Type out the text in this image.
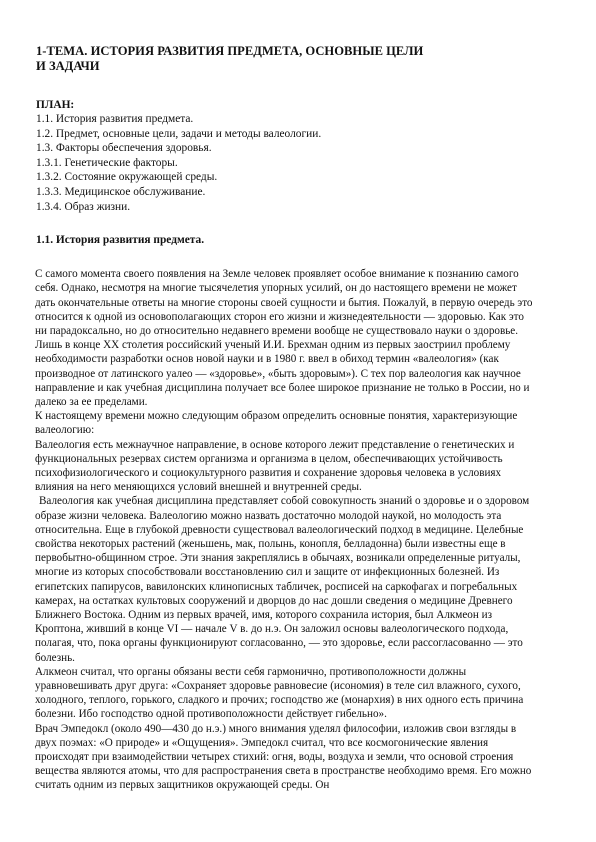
1-ТЕМА. ИСТОРИЯ РАЗВИТИЯ ПРЕДМЕТА, ОСНОВНЫЕ ЦЕЛИ
И ЗАДАЧИ
ПЛАН:
1.1. История развития предмета.
1.2. Предмет, основные цели, задачи и методы валеологии.
1.3. Факторы обеспечения здоровья.
1.3.1. Генетические факторы.
1.3.2. Состояние окружающей среды.
1.3.3. Медицинское обслуживание.
1.3.4. Образ жизни.
1.1. История развития предмета.

С самого момента своего появления на Земле человек проявляет особое внимание к познанию самого себя. Однако, несмотря на многие тысячелетия упорных усилий, он до настоящего времени не может дать окончательные ответы на многие стороны своей сущности и бытия. Пожалуй, в первую очередь это относится к одной из основополагающих сторон его жизни и жизнедеятельности — здоровью. Как это ни парадоксально, но до относительно недавнего времени вообще не существовало науки о здоровье. Лишь в конце XX столетия российский ученый И.И. Брехман одним из первых заостриил проблему необходимости разработки основ новой науки и в 1980 г. ввел в обиход термин «валеология» (как производное от латинского уалео — «здоровье», «быть здоровым»). С тех пор валеология как научное направление и как учебная дисциплина получает все более широкое признание не только в России, но и далеко за ее пределами.

К настоящему времени можно следующим образом определить основные понятия, характеризующие валеологию:

Валеология есть межнаучное направление, в основе которого лежит представление о генетических и функциональных резервах систем организма и организма в целом, обеспечивающих устойчивость психофизиологического и социокультурного развития и сохранение здоровья человека в условиях влияния на него меняющихся условий внешней и внутренней среды.

Валеология как учебная дисциплина представляет собой совокупность знаний о здоровье и о здоровом образе жизни человека. Валеологию можно назвать достаточно молодой наукой, но молодость эта относительна. Еще в глубокой древности существовал валеологический подход в медицине. Целебные свойства некоторых растений (женьшень, мак, полынь, конопля, белладонна) были известны еще в первобытно-общинном строе. Эти знания закреплялись в обычаях, возникали определенные ритуалы, многие из которых способствовали восстановлению сил и защите от инфекционных болезней. Из египетских папирусов, вавилонских клинописных табличек, росписей на саркофагах и погребальных камерах, на остатках культовых сооружений и дворцов до нас дошли сведения о медицине Древнего Ближнего Востока. Одним из первых врачей, имя, которого сохранила история, был Алкмеон из Кроптона, живший в конце VI — начале V в. до н.э. Он заложил основы валеологического подхода, полагая, что, пока органы функционируют согласованно, — это здоровье, если рассогласованно — это болезнь.

Алкмеон считал, что органы обязаны вести себя гармонично, противоположности должны уравновешивать друг друга: «Сохраняет здоровье равновесие (исономия) в теле сил влажного, сухого, холодного, теплого, горького, сладкого и прочих; господство же (монархия) в них одного есть причина болезни. Ибо господство одной противоположности действует гибельно».

Врач Эмпедокл (около 490—430 до н.э.) много внимания уделял философии, изложив свои взгляды в двух поэмах: «О природе» и «Ощущения». Эмпедокл считал, что все космогонические явления происходят при взаимодействии четырех стихий: огня, воды, воздуха и земли, что основой строения вещества являются атомы, что для распространения света в пространстве необходимо время. Его можно считать одним из первых защитников окружающей среды. Он
